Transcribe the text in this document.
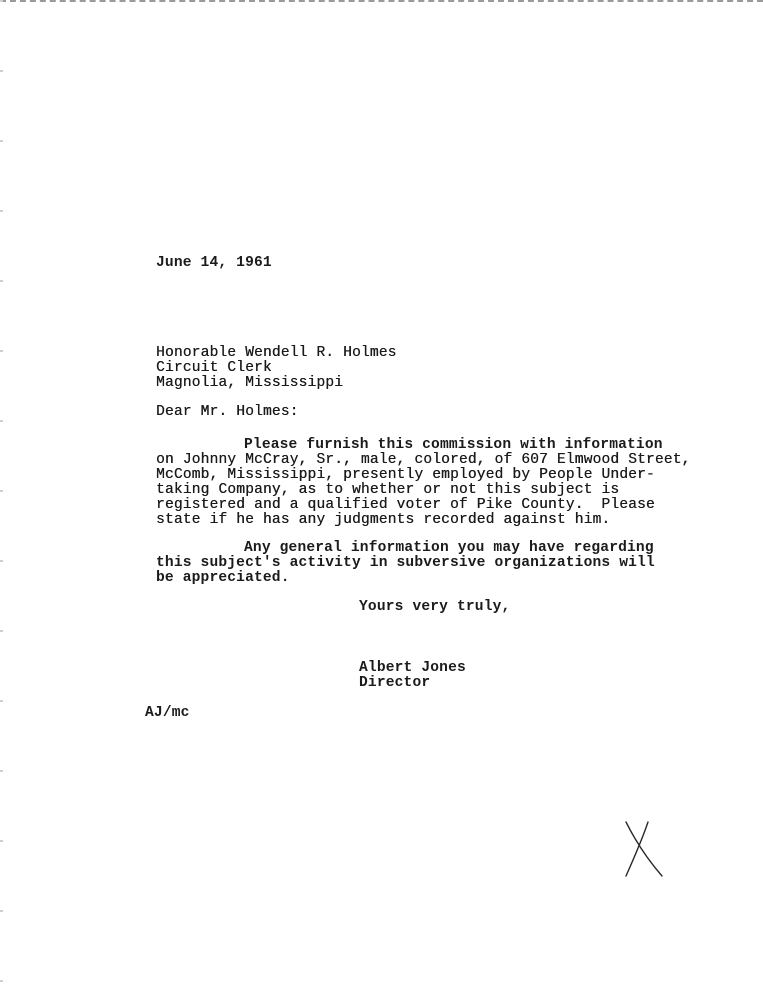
June 14, 1961
Honorable Wendell R. Holmes
Circuit Clerk
Magnolia, Mississippi
Dear Mr. Holmes:
Please furnish this commission with information
on Johnny McCray, Sr., male, colored, of 607 Elmwood Street,
McComb, Mississippi, presently employed by People Under-
taking Company, as to whether or not this subject is
registered and a qualified voter of Pike County.  Please
state if he has any judgments recorded against him.
Any general information you may have regarding
this subject's activity in subversive organizations will
be appreciated.
Yours very truly,
Albert Jones
Director
AJ/mc
